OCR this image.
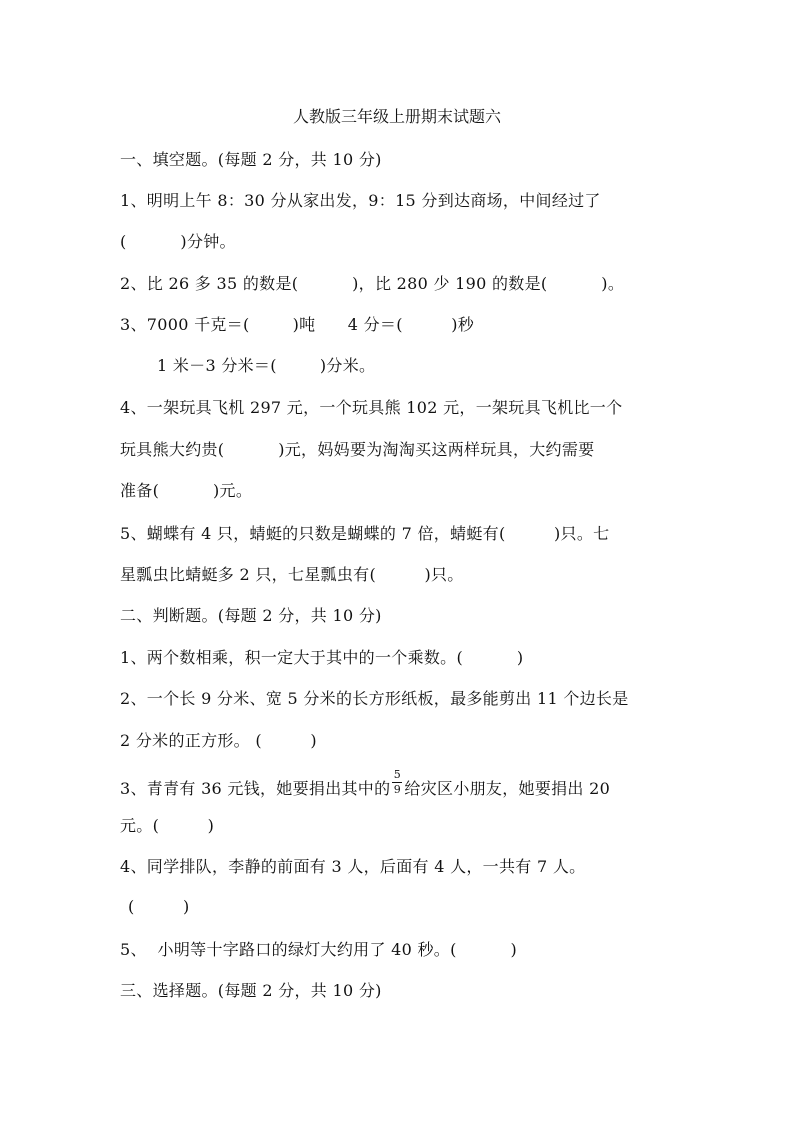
人教版三年级上册期末试题六
一、填空题。(每题 2 分，共 10 分)
1、明明上午 8：30 分从家出发，9：15 分到达商场，中间经过了
(          )分钟。
2、比 26 多 35 的数是(          )，比 280 少 190 的数是(          )。
3、7000 千克＝(        )吨      4 分＝(         )秒
1 米－3 分米＝(        )分米。
4、一架玩具飞机 297 元，一个玩具熊 102 元，一架玩具飞机比一个
玩具熊大约贵(          )元，妈妈要为淘淘买这两样玩具，大约需要
准备(          )元。
5、蝴蝶有 4 只，蜻蜓的只数是蝴蝶的 7 倍，蜻蜓有(         )只。七
星瓢虫比蜻蜓多 2 只，七星瓢虫有(         )只。
二、判断题。(每题 2 分，共 10 分)
1、两个数相乘，积一定大于其中的一个乘数。(          )
2、一个长 9 分米、宽 5 分米的长方形纸板，最多能剪出 11 个边长是
2 分米的正方形。 (         )
3、青青有 36 元钱，她要捐出其中的 $\frac{5}{9}$ 给灾区小朋友，她要捐出 20
元。(         )
4、同学排队，李静的前面有 3 人，后面有 4 人，一共有 7 人。
(         )
5、  小明等十字路口的绿灯大约用了 40 秒。(          )
三、选择题。(每题 2 分，共 10 分)
